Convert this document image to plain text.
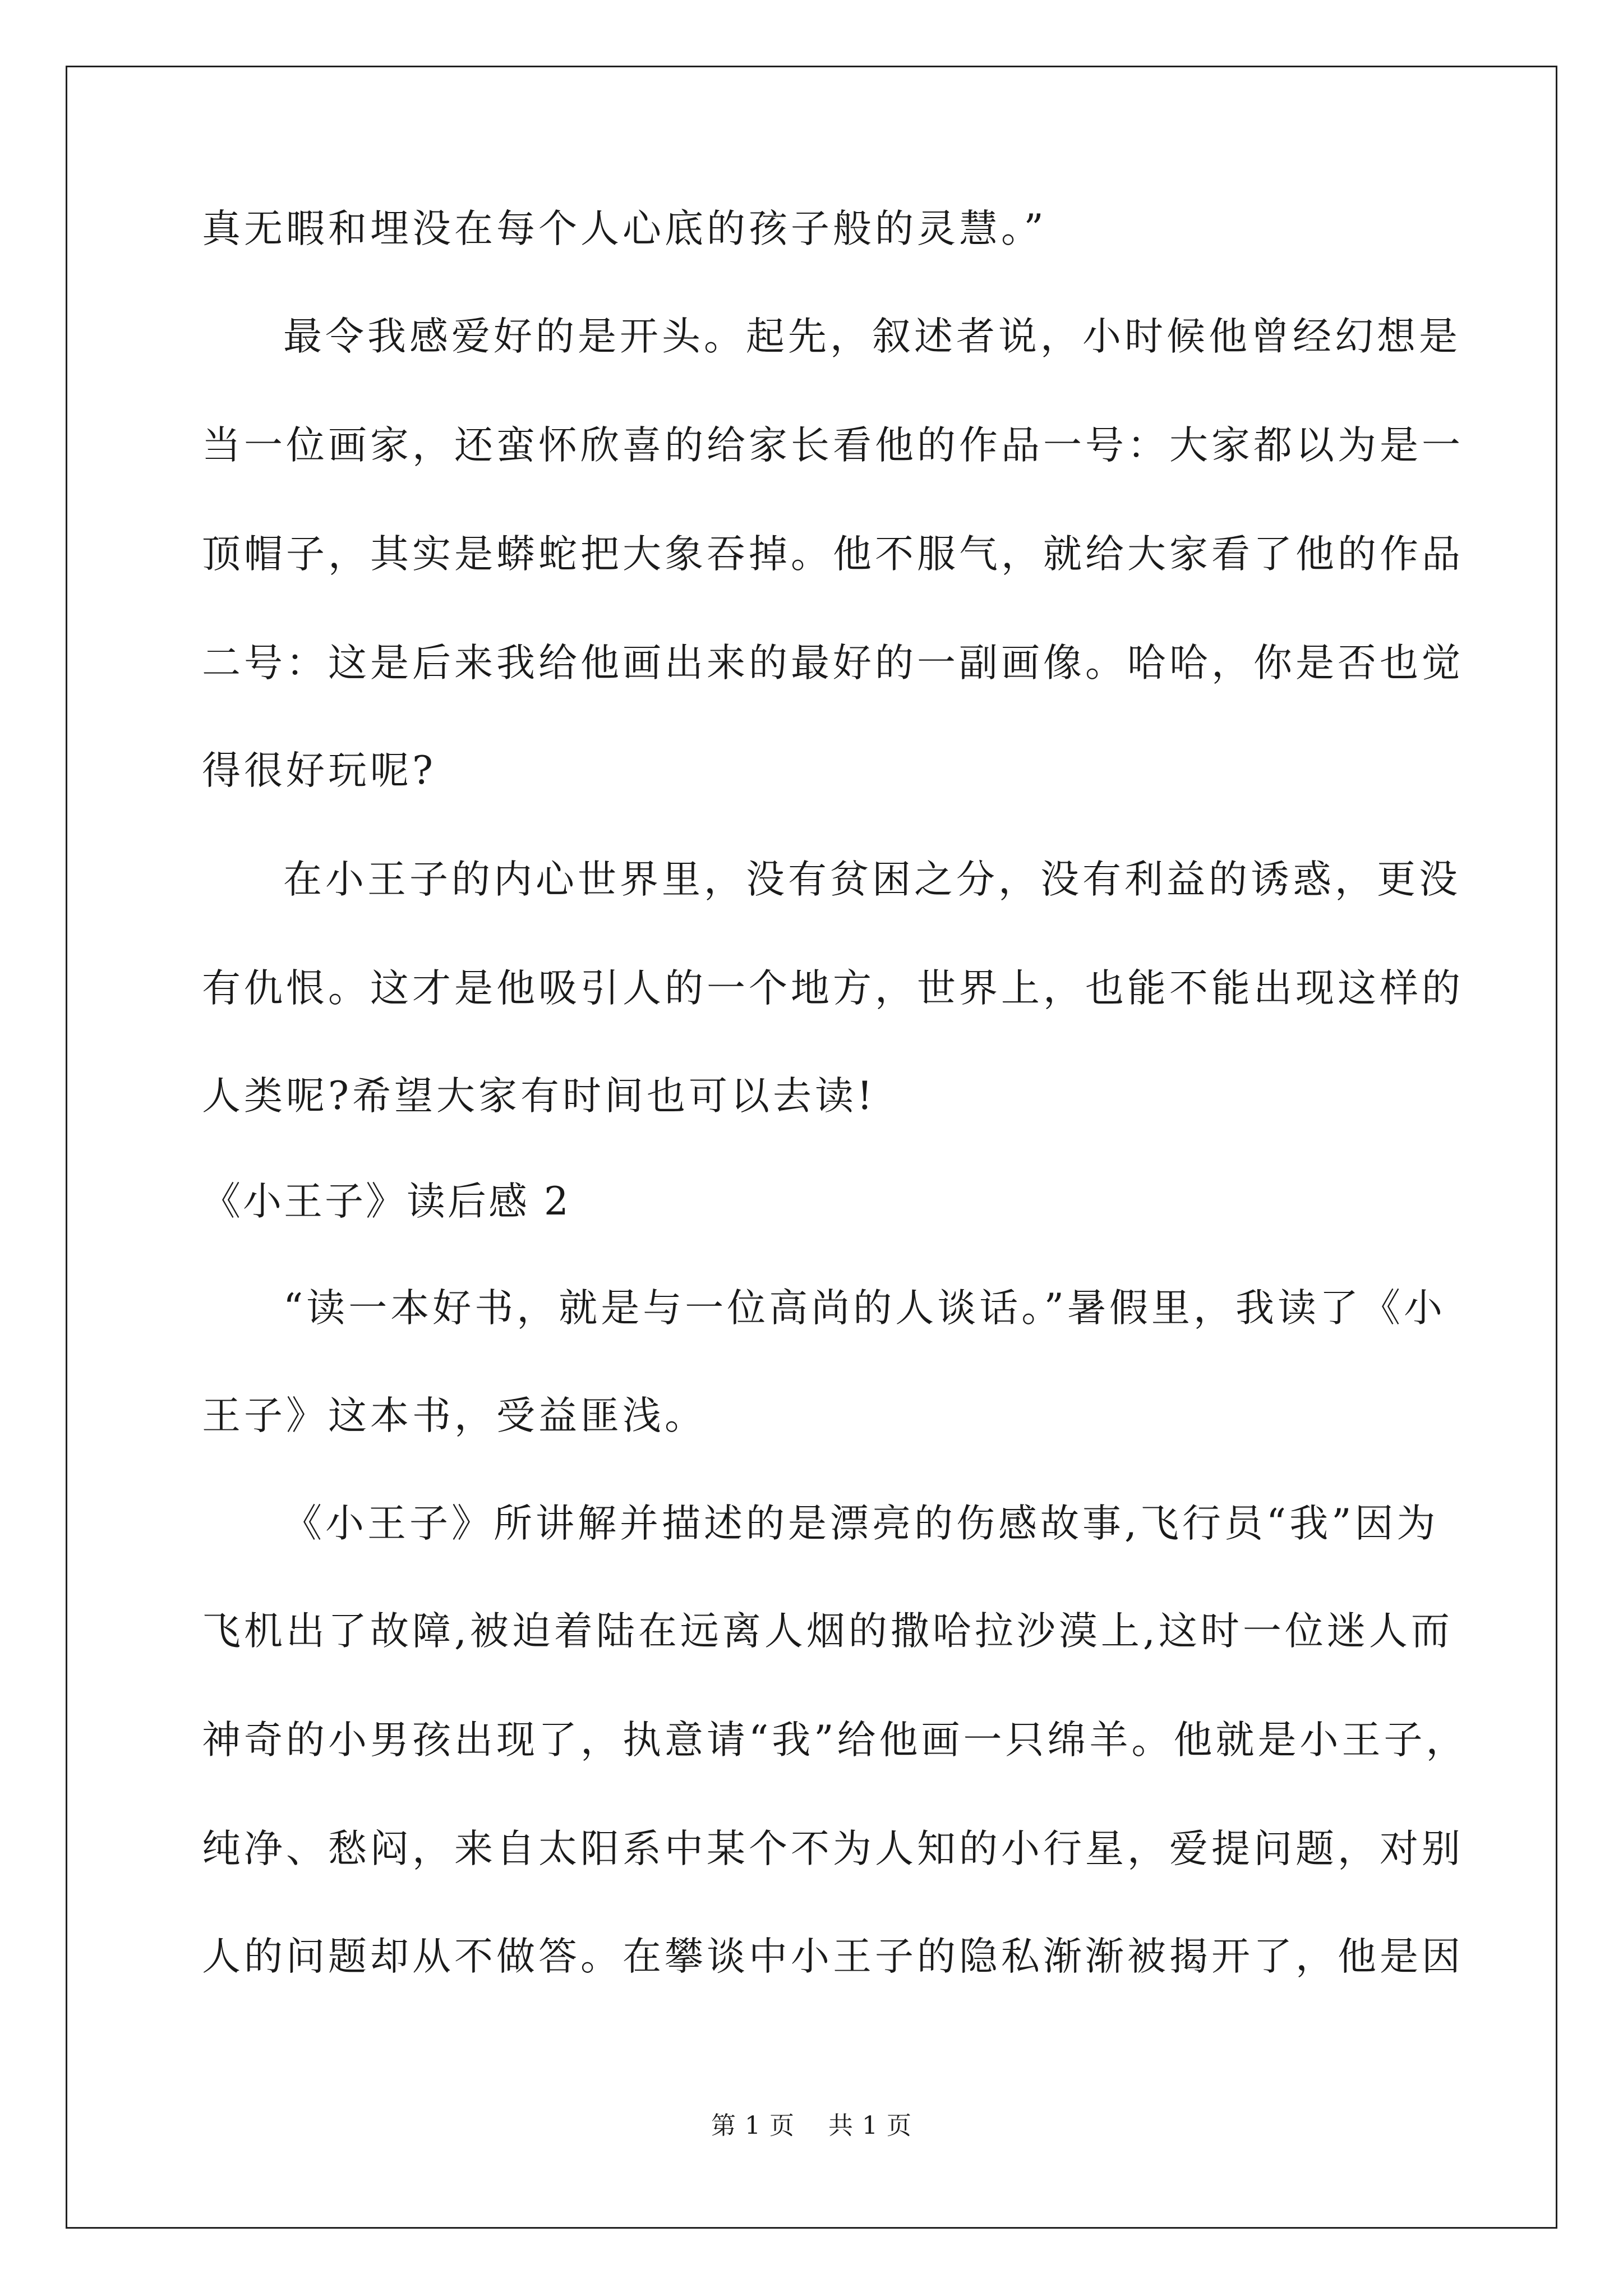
真无暇和埋没在每个人心底的孩子般的灵慧。”
最令我感爱好的是开头。起先，叙述者说，小时候他曾经幻想是
当一位画家，还蛮怀欣喜的给家长看他的作品一号：大家都以为是一
顶帽子，其实是蟒蛇把大象吞掉。他不服气，就给大家看了他的作品
二号：这是后来我给他画出来的最好的一副画像。哈哈，你是否也觉
得很好玩呢?
在小王子的内心世界里，没有贫困之分，没有利益的诱惑，更没
有仇恨。这才是他吸引人的一个地方，世界上，也能不能出现这样的
人类呢?希望大家有时间也可以去读!
《小王子》读后感 2
“读一本好书，就是与一位高尚的人谈话。”暑假里，我读了《小
王子》这本书，受益匪浅。
《小王子》所讲解并描述的是漂亮的伤感故事,飞行员“我”因为
飞机出了故障,被迫着陆在远离人烟的撒哈拉沙漠上,这时一位迷人而
神奇的小男孩出现了，执意请“我”给他画一只绵羊。他就是小王子，
纯净、愁闷，来自太阳系中某个不为人知的小行星，爱提问题，对别
人的问题却从不做答。在攀谈中小王子的隐私渐渐被揭开了，他是因
第 1 页 共 1 页
